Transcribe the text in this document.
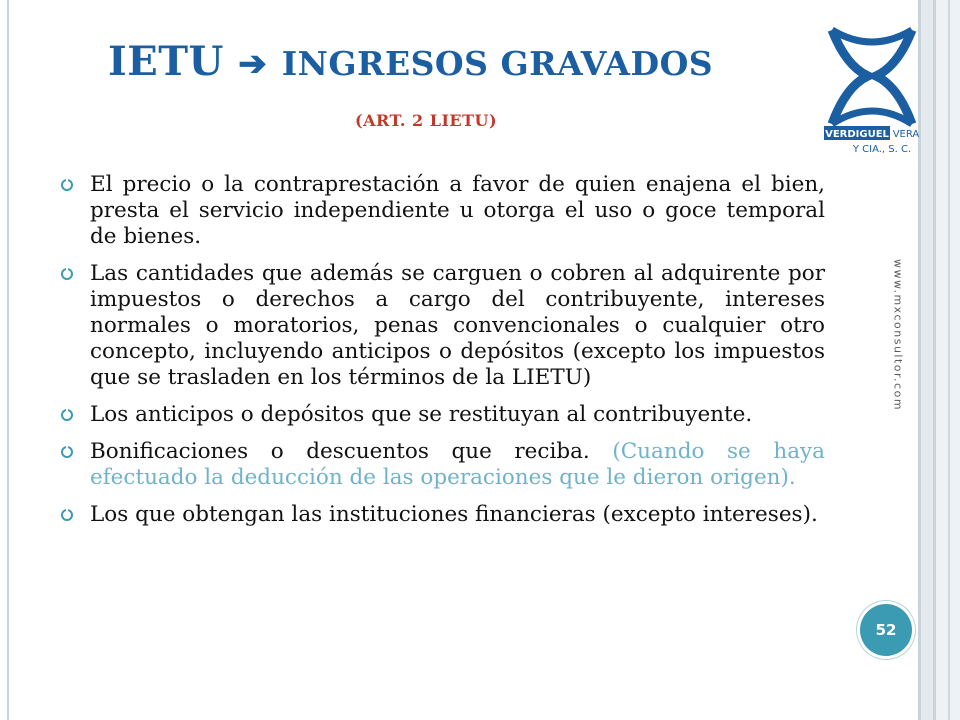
IETU ➔ INGRESOS GRAVADOS
(ART. 2 LIETU)
VERDIGUEL VERA
Y CIA., S. C.
El precio o la contraprestación a favor de quien enajena el bien, presta el servicio independiente u otorga el uso o goce temporal de bienes.
Las cantidades que además se carguen o cobren al adquirente por impuestos o derechos a cargo del contribuyente, intereses normales o moratorios, penas convencionales o cualquier otro concepto, incluyendo anticipos o depósitos (excepto los impuestos que se trasladen en los términos de la LIETU)
Los anticipos o depósitos que se restituyan al contribuyente.
Bonificaciones o descuentos que reciba. (Cuando se haya efectuado la deducción de las operaciones que le dieron origen).
Los que obtengan las instituciones financieras (excepto intereses).
www.mxconsultor.com
52
